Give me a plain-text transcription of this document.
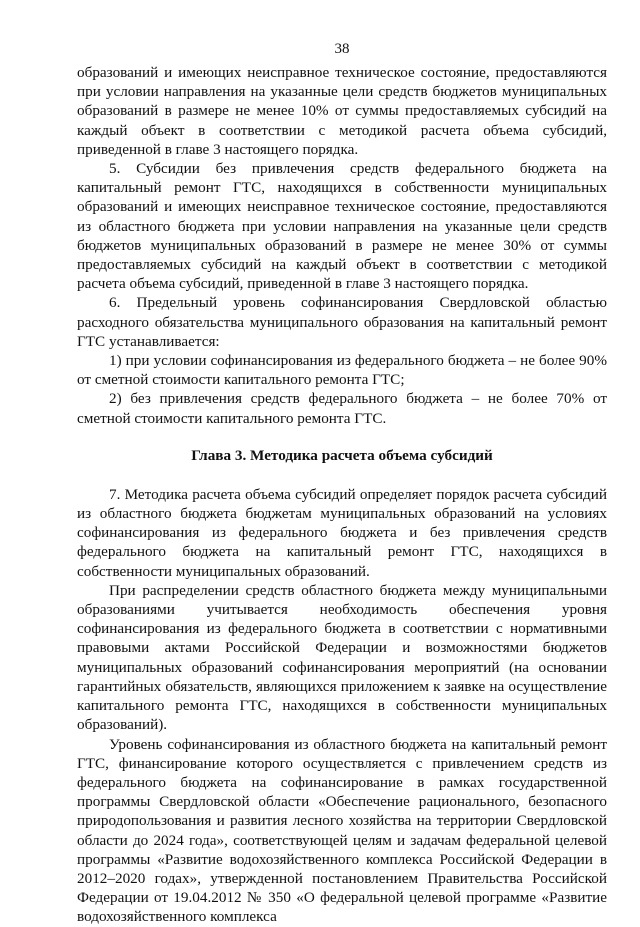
38

образований и имеющих неисправное техническое состояние, предоставляются при условии направления на указанные цели средств бюджетов муниципальных образований в размере не менее 10% от суммы предоставляемых субсидий на каждый объект в соответствии с методикой расчета объема субсидий, приведенной в главе 3 настоящего порядка.

5. Субсидии без привлечения средств федерального бюджета на капитальный ремонт ГТС, находящихся в собственности муниципальных образований и имеющих неисправное техническое состояние, предоставляются из областного бюджета при условии направления на указанные цели средств бюджетов муниципальных образований в размере не менее 30% от суммы предоставляемых субсидий на каждый объект в соответствии с методикой расчета объема субсидий, приведенной в главе 3 настоящего порядка.

6. Предельный уровень софинансирования Свердловской областью расходного обязательства муниципального образования на капитальный ремонт ГТС устанавливается:

1) при условии софинансирования из федерального бюджета – не более 90% от сметной стоимости капитального ремонта ГТС;

2) без привлечения средств федерального бюджета – не более 70% от сметной стоимости капитального ремонта ГТС.

Глава 3. Методика расчета объема субсидий

7. Методика расчета объема субсидий определяет порядок расчета субсидий из областного бюджета бюджетам муниципальных образований на условиях софинансирования из федерального бюджета и без привлечения средств федерального бюджета на капитальный ремонт ГТС, находящихся в собственности муниципальных образований.

При распределении средств областного бюджета между муниципальными образованиями учитывается необходимость обеспечения уровня софинансирования из федерального бюджета в соответствии с нормативными правовыми актами Российской Федерации и возможностями бюджетов муниципальных образований софинансирования мероприятий (на основании гарантийных обязательств, являющихся приложением к заявке на осуществление капитального ремонта ГТС, находящихся в собственности муниципальных образований).

Уровень софинансирования из областного бюджета на капитальный ремонт ГТС, финансирование которого осуществляется с привлечением средств из федерального бюджета на софинансирование в рамках государственной программы Свердловской области «Обеспечение рационального, безопасного природопользования и развития лесного хозяйства на территории Свердловской области до 2024 года», соответствующей целям и задачам федеральной целевой программы «Развитие водохозяйственного комплекса Российской Федерации в 2012–2020 годах», утвержденной постановлением Правительства Российской Федерации от 19.04.2012 № 350 «О федеральной целевой программе «Развитие водохозяйственного комплекса
